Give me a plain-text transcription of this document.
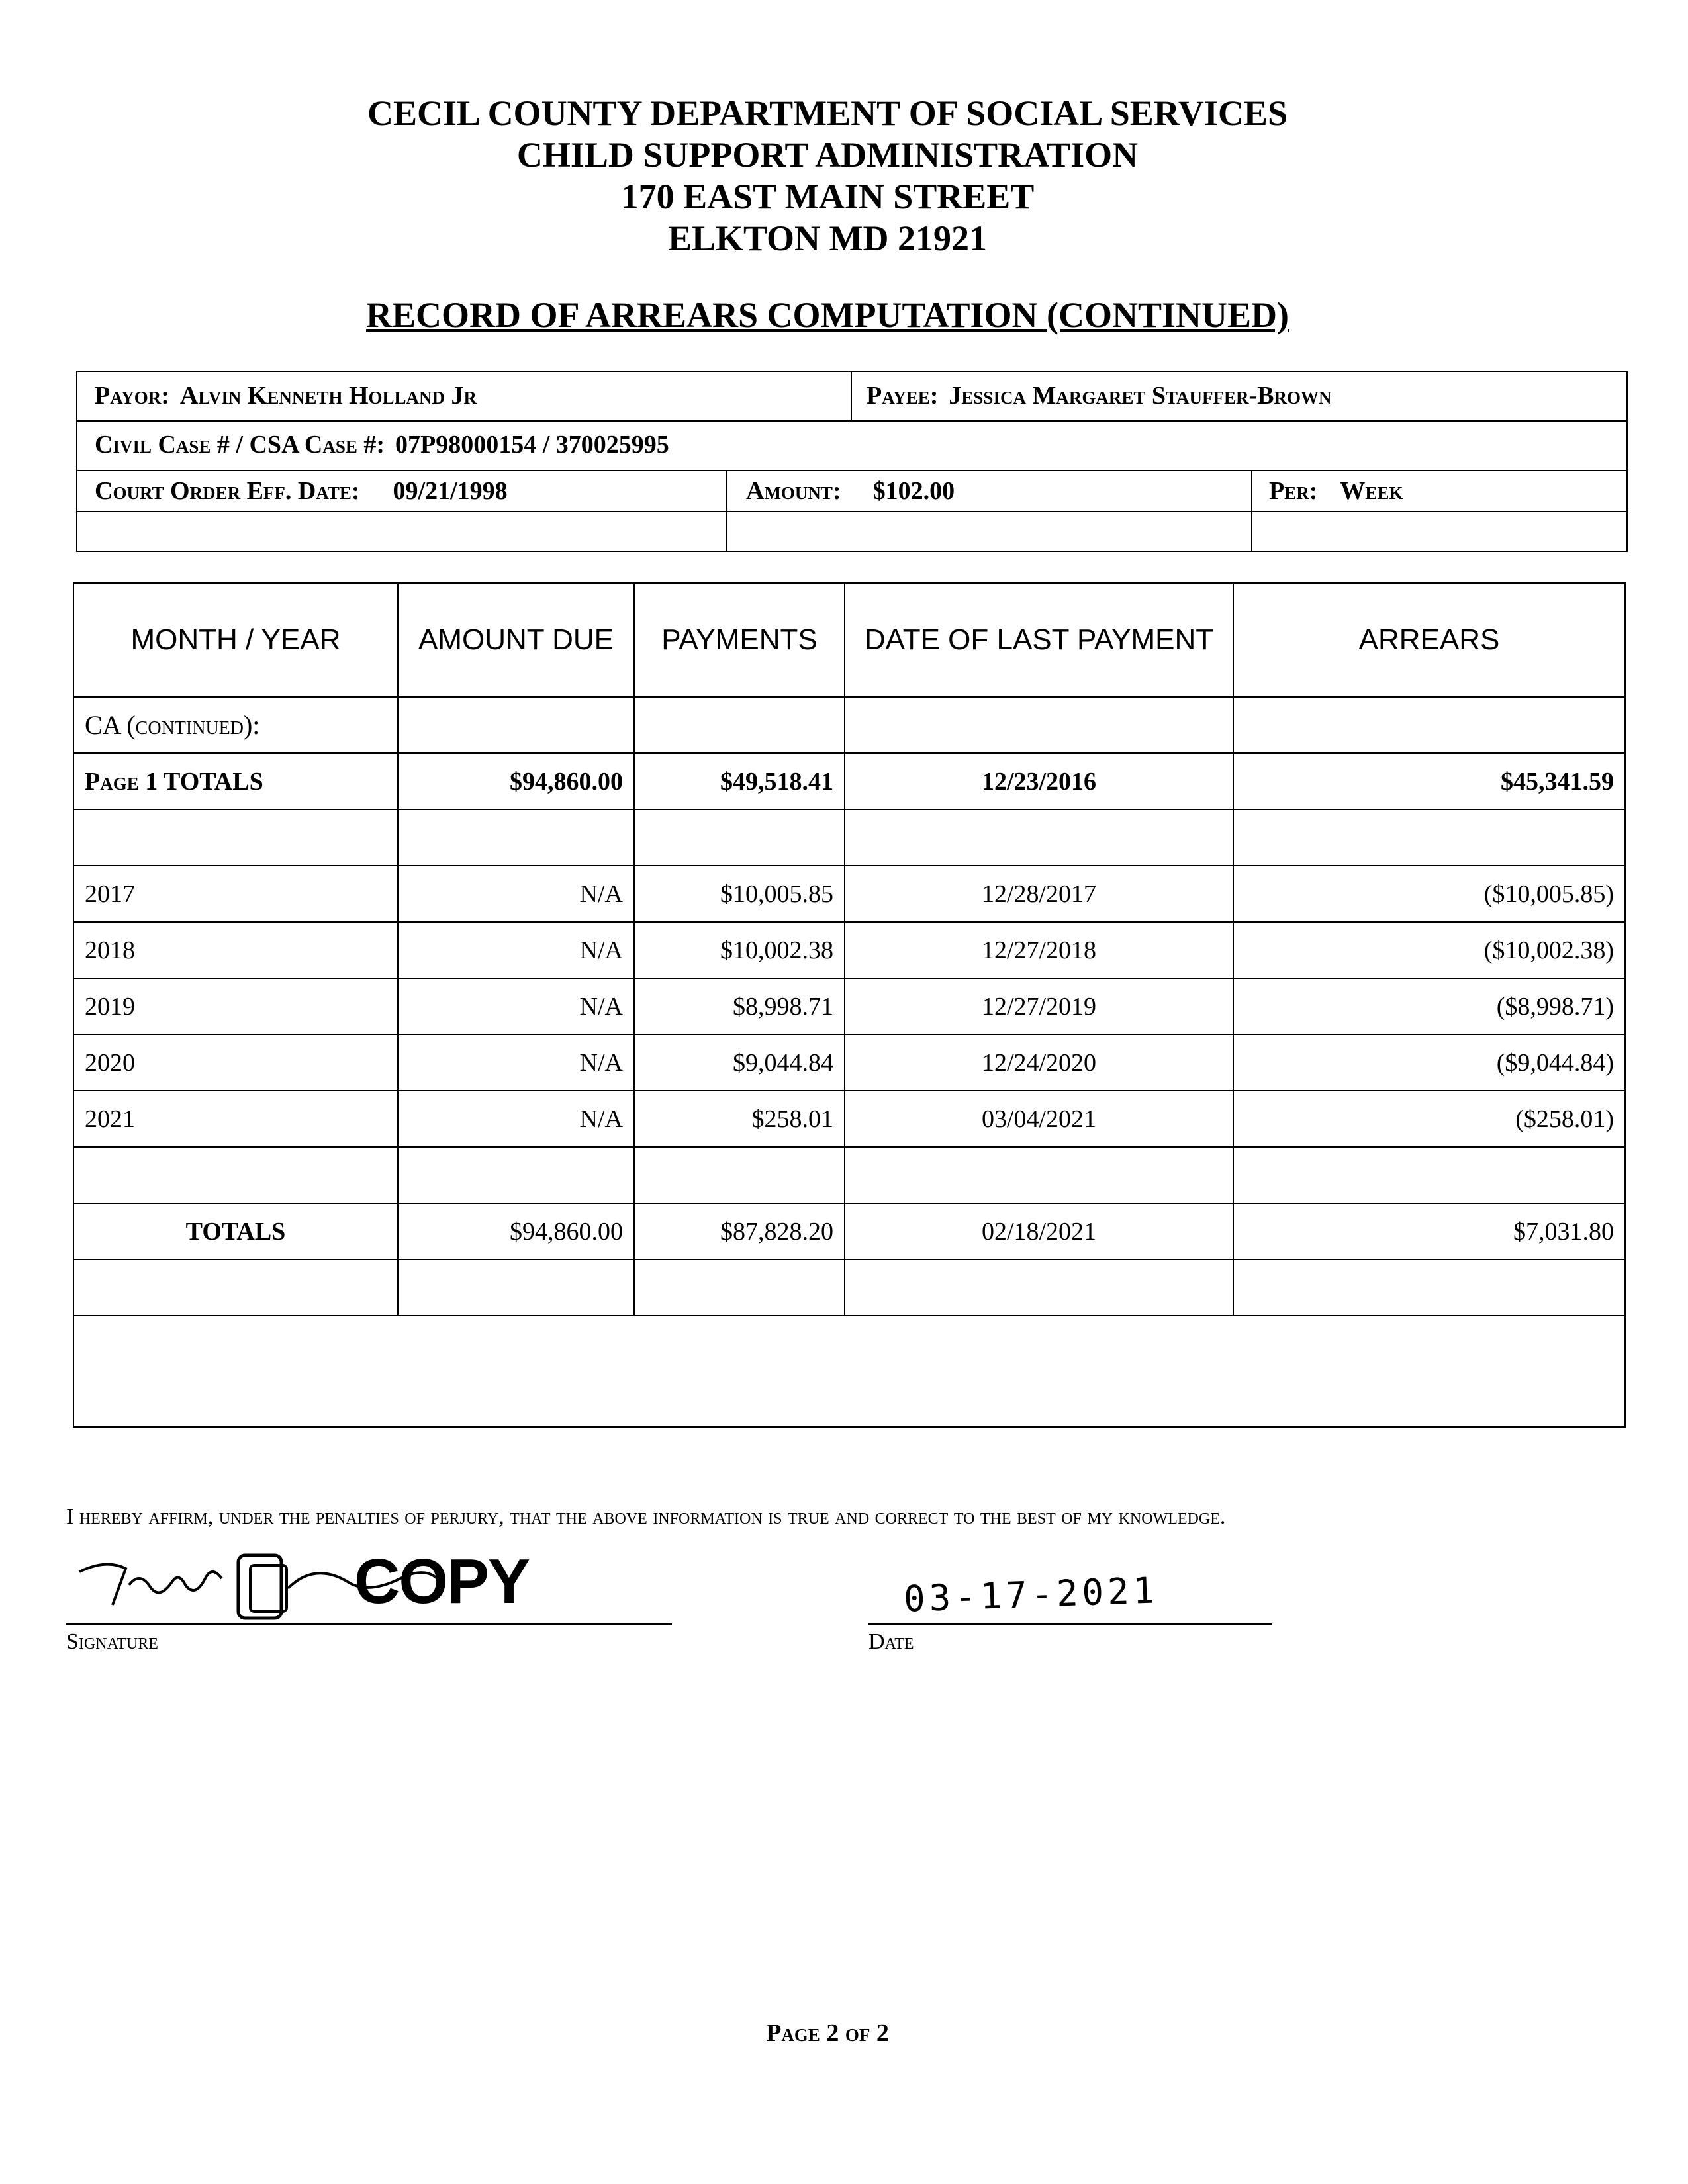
CECIL COUNTY DEPARTMENT OF SOCIAL SERVICES
CHILD SUPPORT ADMINISTRATION
170 EAST MAIN STREET
ELKTON MD 21921
RECORD OF ARREARS COMPUTATION (CONTINUED)
Payor: Alvin Kenneth Holland Jr	Payee: Jessica Margaret Stauffer-Brown
Civil Case # / CSA Case #: 07P98000154 / 370025995
Court Order Eff. Date: 09/21/1998	Amount: $102.00	Per: Week
MONTH / YEAR	AMOUNT DUE	PAYMENTS	DATE OF LAST PAYMENT	ARREARS
CA (continued):				
Page 1 TOTALS	$94,860.00	$49,518.41	12/23/2016	$45,341.59

2017	N/A	$10,005.85	12/28/2017	($10,005.85)
2018	N/A	$10,002.38	12/27/2018	($10,002.38)
2019	N/A	$8,998.71	12/27/2019	($8,998.71)
2020	N/A	$9,044.84	12/24/2020	($9,044.84)
2021	N/A	$258.01	03/04/2021	($258.01)

TOTALS	$94,860.00	$87,828.20	02/18/2021	$7,031.80

I hereby affirm, under the penalties of perjury, that the above information is true and correct to the best of my knowledge.
COPY
Signature
03-17-2021
Date
Page 2 of 2
